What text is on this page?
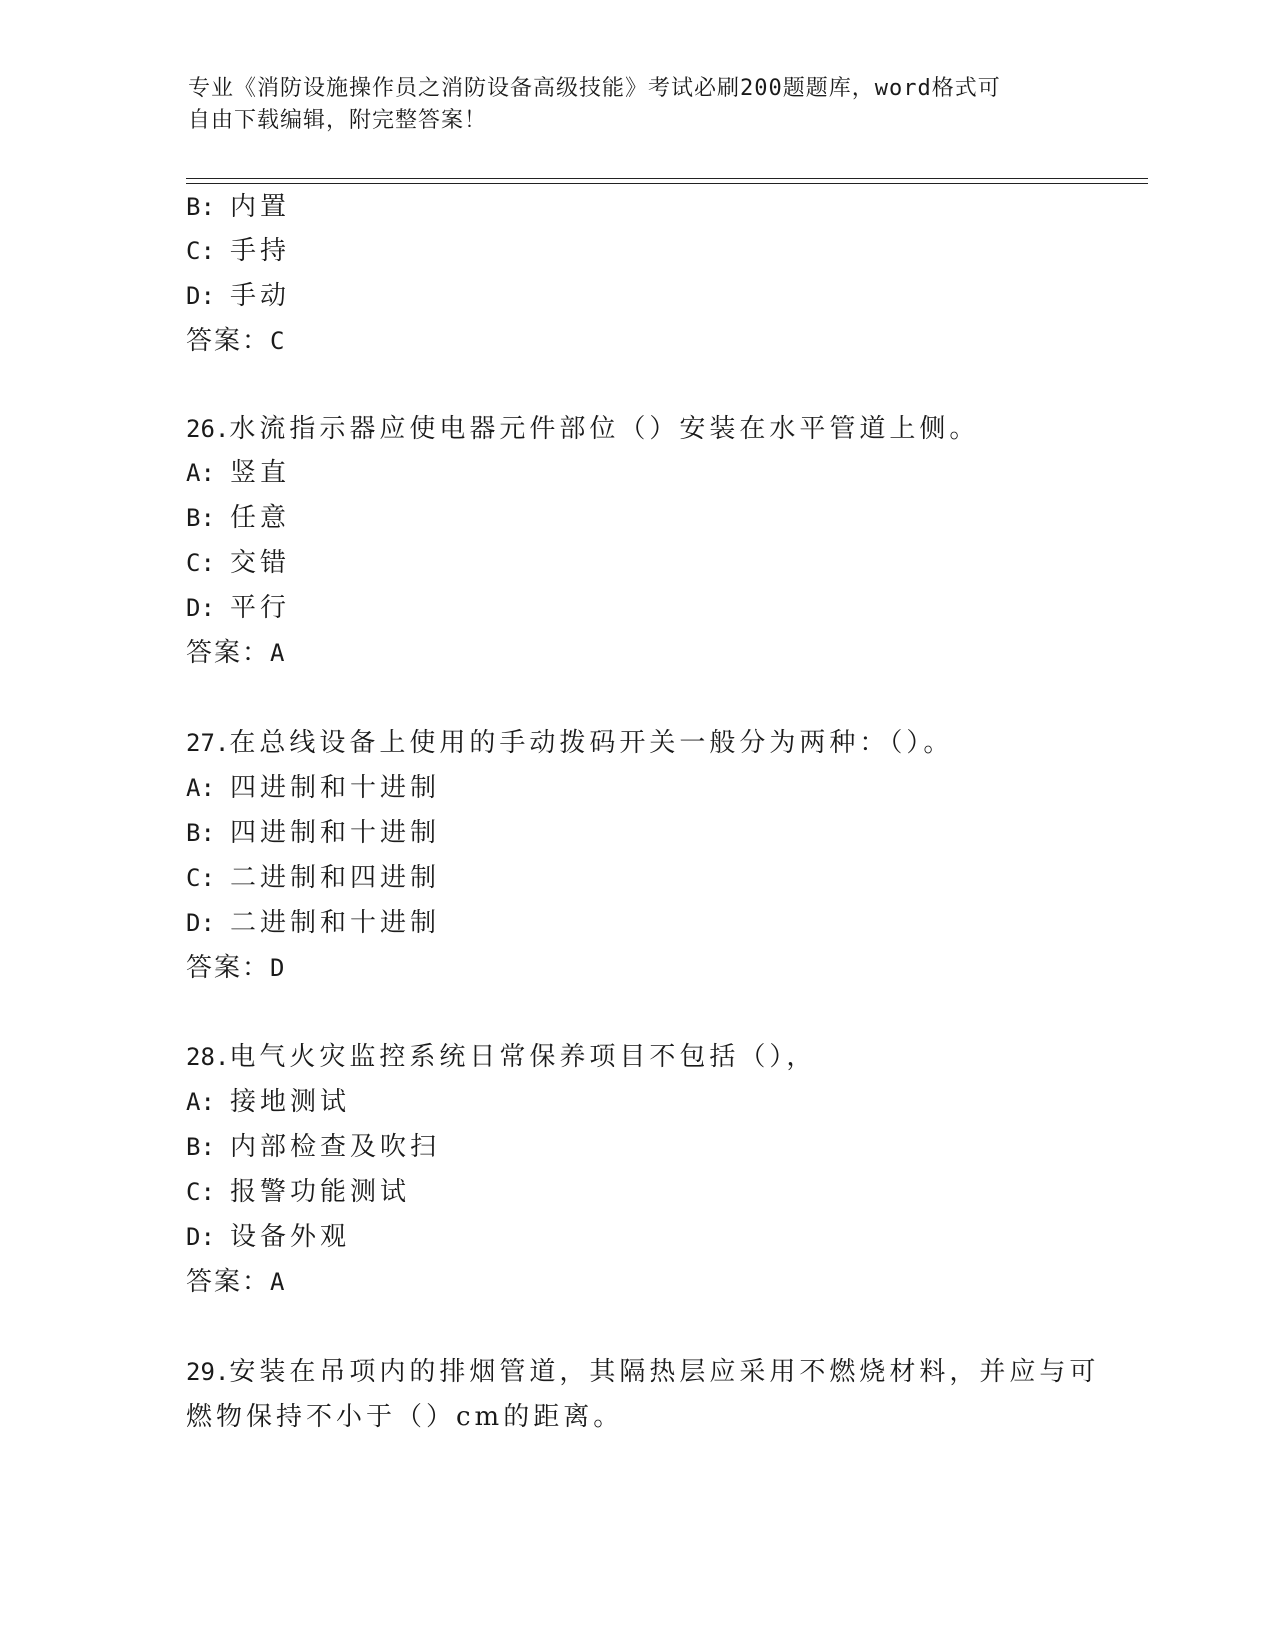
专业《消防设施操作员之消防设备高级技能》考试必刷200题题库，word格式可
自由下载编辑，附完整答案！
B: 内置
C: 手持
D: 手动
答案：C
26.水流指示器应使电器元件部位（）安装在水平管道上侧。
A: 竖直
B: 任意
C: 交错
D: 平行
答案：A
27.在总线设备上使用的手动拨码开关一般分为两种：（）。
A: 四进制和十进制
B: 四进制和十进制
C: 二进制和四进制
D: 二进制和十进制
答案：D
28.电气火灾监控系统日常保养项目不包括（），
A: 接地测试
B: 内部检查及吹扫
C: 报警功能测试
D: 设备外观
答案：A
29.安装在吊项内的排烟管道，其隔热层应采用不燃烧材料，并应与可
燃物保持不小于（）cm的距离。
